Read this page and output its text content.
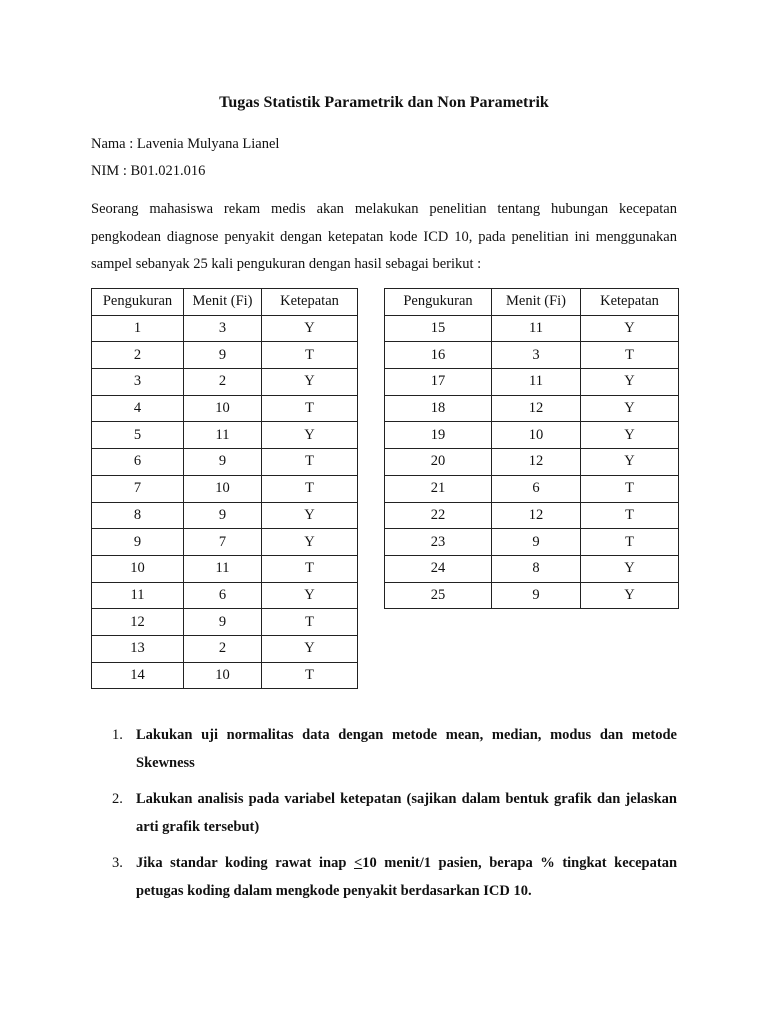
Tugas Statistik Parametrik dan Non Parametrik
Nama : Lavenia Mulyana Lianel
NIM : B01.021.016
Seorang mahasiswa rekam medis akan melakukan penelitian tentang hubungan kecepatan pengkodean diagnose penyakit dengan ketepatan kode ICD 10, pada penelitian ini menggunakan sampel sebanyak 25 kali pengukuran dengan hasil sebagai berikut :
Pengukuran	Menit (Fi)	Ketepatan
1	3	Y
2	9	T
3	2	Y
4	10	T
5	11	Y
6	9	T
7	10	T
8	9	Y
9	7	Y
10	11	T
11	6	Y
12	9	T
13	2	Y
14	10	T
Pengukuran	Menit (Fi)	Ketepatan
15	11	Y
16	3	T
17	11	Y
18	12	Y
19	10	Y
20	12	Y
21	6	T
22	12	T
23	9	T
24	8	Y
25	9	Y
1. Lakukan uji normalitas data dengan metode mean, median, modus dan metode Skewness
2. Lakukan analisis pada variabel ketepatan (sajikan dalam bentuk grafik dan jelaskan arti grafik tersebut)
3. Jika standar koding rawat inap <10 menit/1 pasien, berapa % tingkat kecepatan petugas koding dalam mengkode penyakit berdasarkan ICD 10.
